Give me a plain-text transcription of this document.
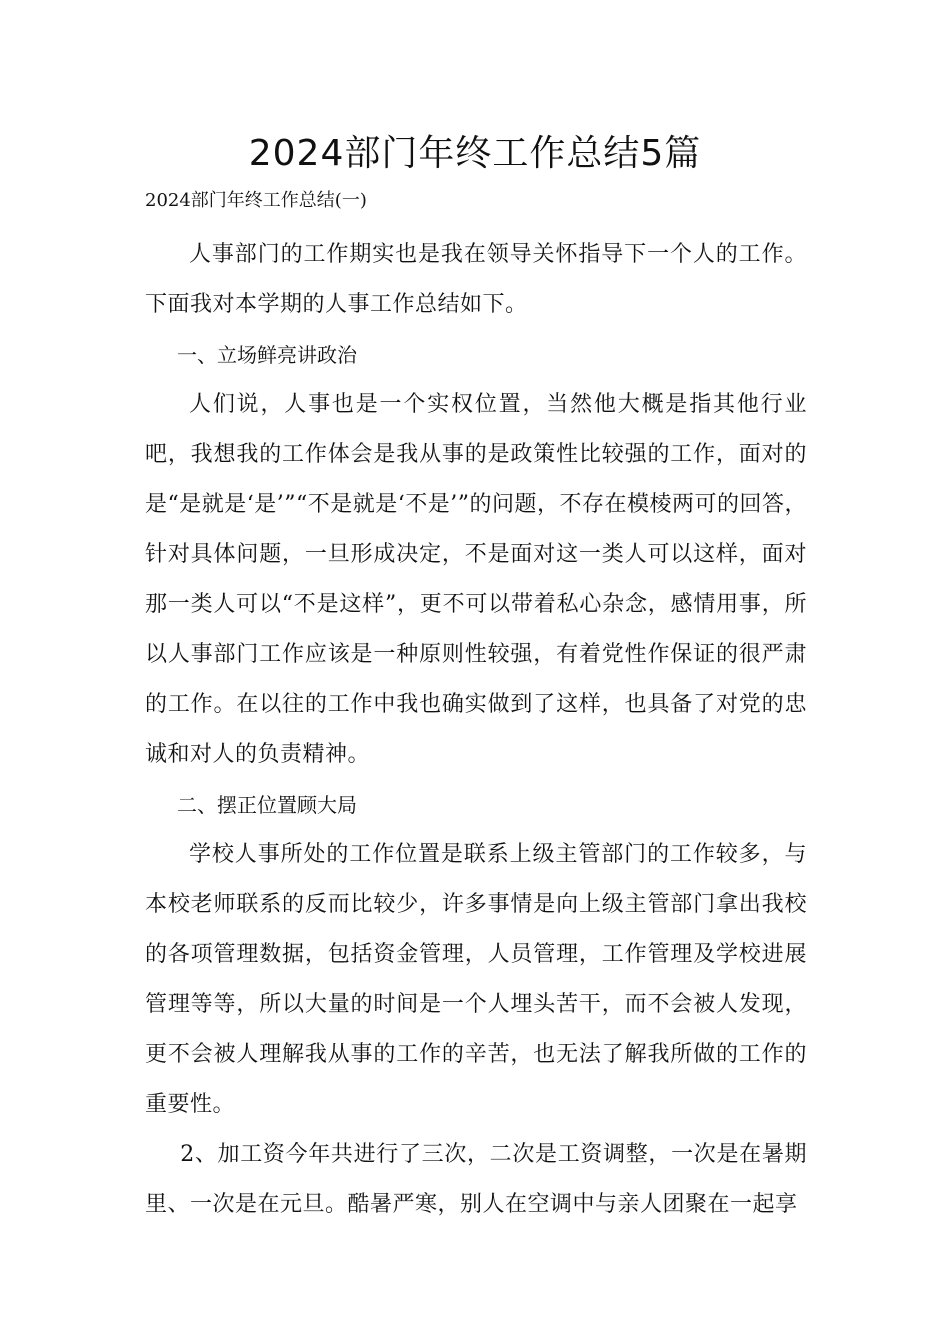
2024部门年终工作总结5篇

2024部门年终工作总结(一)

人事部门的工作期实也是我在领导关怀指导下一个人的工作。下面我对本学期的人事工作总结如下。

一、立场鲜亮讲政治

人们说，人事也是一个实权位置，当然他大概是指其他行业吧，我想我的工作体会是我从事的是政策性比较强的工作，面对的是“是就是‘是’”“不是就是‘不是’”的问题，不存在模棱两可的回答，针对具体问题，一旦形成决定，不是面对这一类人可以这样，面对那一类人可以“不是这样”，更不可以带着私心杂念，感情用事，所以人事部门工作应该是一种原则性较强，有着党性作保证的很严肃的工作。在以往的工作中我也确实做到了这样，也具备了对党的忠诚和对人的负责精神。

二、摆正位置顾大局

学校人事所处的工作位置是联系上级主管部门的工作较多，与本校老师联系的反而比较少，许多事情是向上级主管部门拿出我校的各项管理数据，包括资金管理，人员管理，工作管理及学校进展管理等等，所以大量的时间是一个人埋头苦干，而不会被人发现，更不会被人理解我从事的工作的辛苦，也无法了解我所做的工作的重要性。

2、加工资今年共进行了三次，二次是工资调整，一次是在暑期里、一次是在元旦。酷暑严寒，别人在空调中与亲人团聚在一起享
